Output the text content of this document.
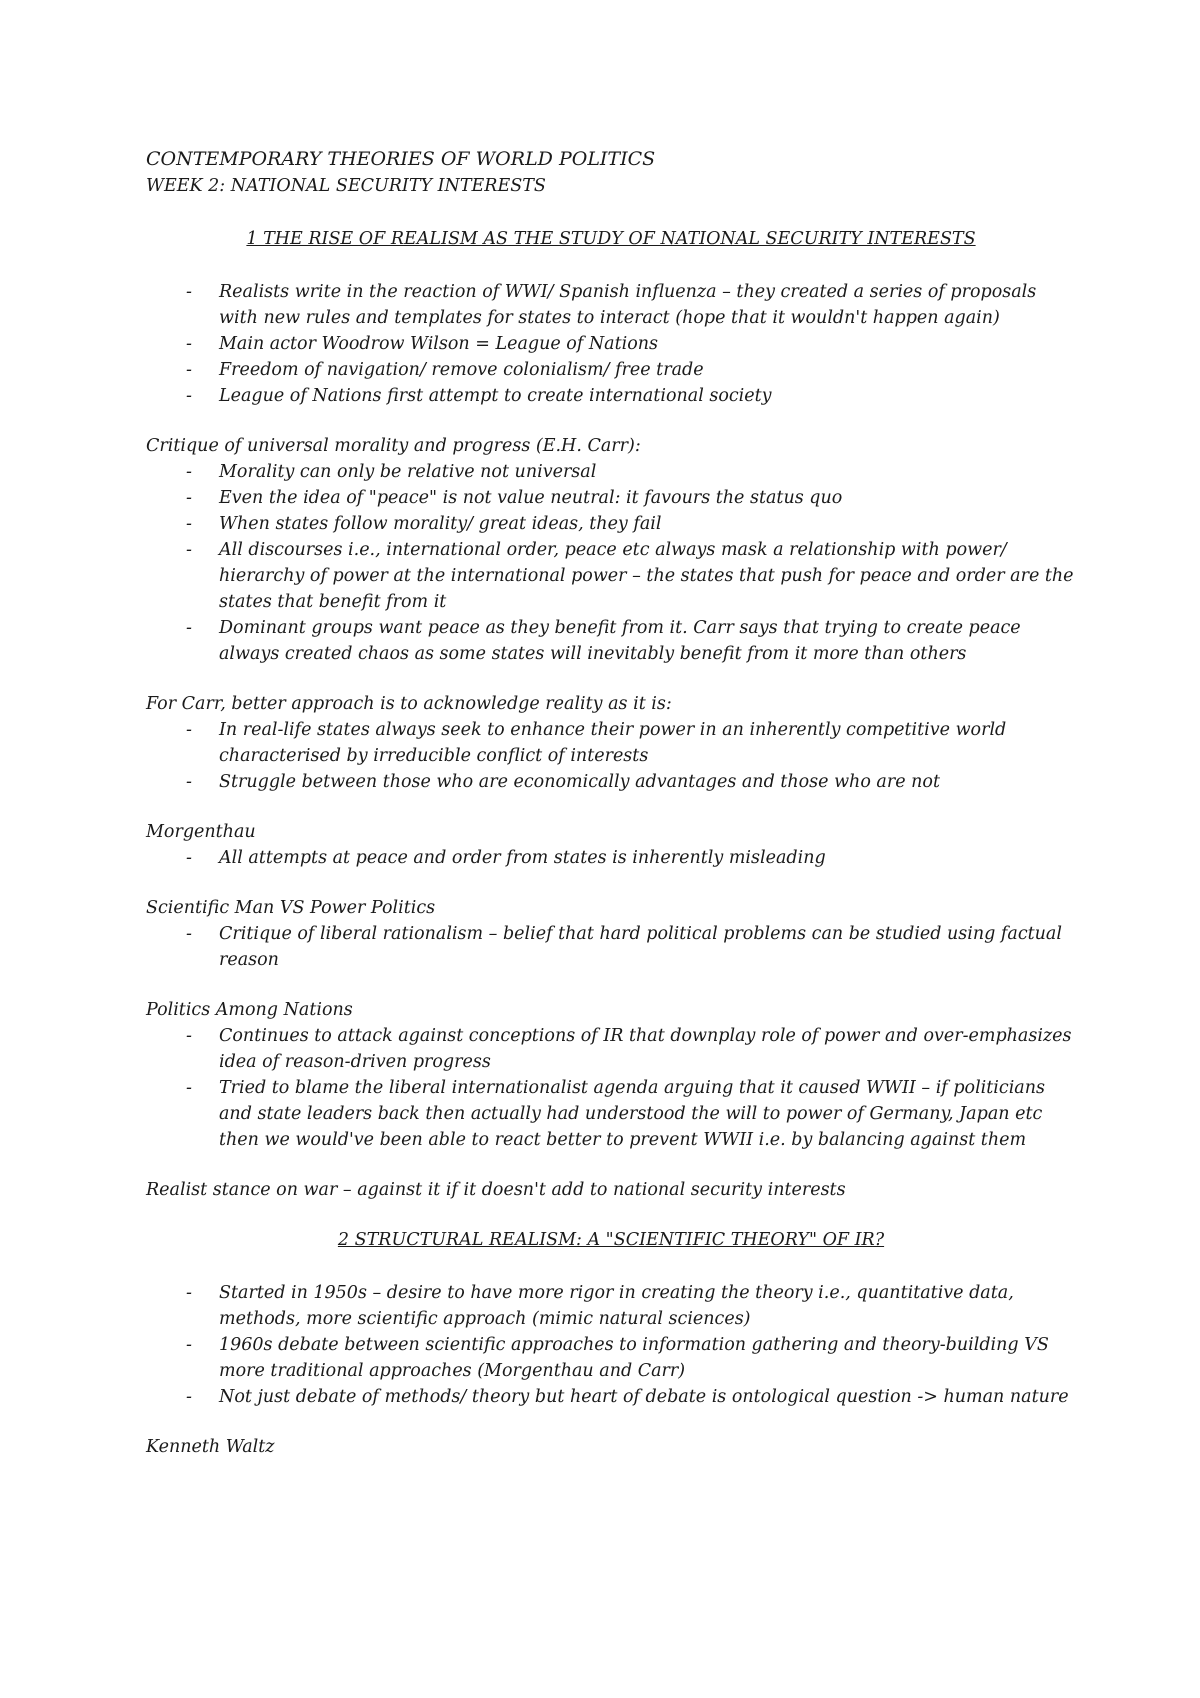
CONTEMPORARY THEORIES OF WORLD POLITICS

WEEK 2: NATIONAL SECURITY INTERESTS

1 THE RISE OF REALISM AS THE STUDY OF NATIONAL SECURITY INTERESTS

- Realists write in the reaction of WWI/ Spanish influenza – they created a series of proposals with new rules and templates for states to interact (hope that it wouldn't happen again)
- Main actor Woodrow Wilson = League of Nations
- Freedom of navigation/ remove colonialism/ free trade
- League of Nations first attempt to create international society

Critique of universal morality and progress (E.H. Carr):

- Morality can only be relative not universal
- Even the idea of "peace" is not value neutral: it favours the status quo
- When states follow morality/ great ideas, they fail
- All discourses i.e., international order, peace etc always mask a relationship with power/ hierarchy of power at the international power – the states that push for peace and order are the states that benefit from it
- Dominant groups want peace as they benefit from it. Carr says that trying to create peace always created chaos as some states will inevitably benefit from it more than others

For Carr, better approach is to acknowledge reality as it is:

- In real-life states always seek to enhance their power in an inherently competitive world characterised by irreducible conflict of interests
- Struggle between those who are economically advantages and those who are not

Morgenthau

- All attempts at peace and order from states is inherently misleading

Scientific Man VS Power Politics

- Critique of liberal rationalism – belief that hard political problems can be studied using factual reason

Politics Among Nations

- Continues to attack against conceptions of IR that downplay role of power and over-emphasizes idea of reason-driven progress
- Tried to blame the liberal internationalist agenda arguing that it caused WWII – if politicians and state leaders back then actually had understood the will to power of Germany, Japan etc then we would've been able to react better to prevent WWII i.e. by balancing against them

Realist stance on war – against it if it doesn't add to national security interests

2 STRUCTURAL REALISM: A "SCIENTIFIC THEORY" OF IR?

- Started in 1950s – desire to have more rigor in creating the theory i.e., quantitative data, methods, more scientific approach (mimic natural sciences)
- 1960s debate between scientific approaches to information gathering and theory-building VS more traditional approaches (Morgenthau and Carr)
- Not just debate of methods/ theory but heart of debate is ontological question -> human nature

Kenneth Waltz
